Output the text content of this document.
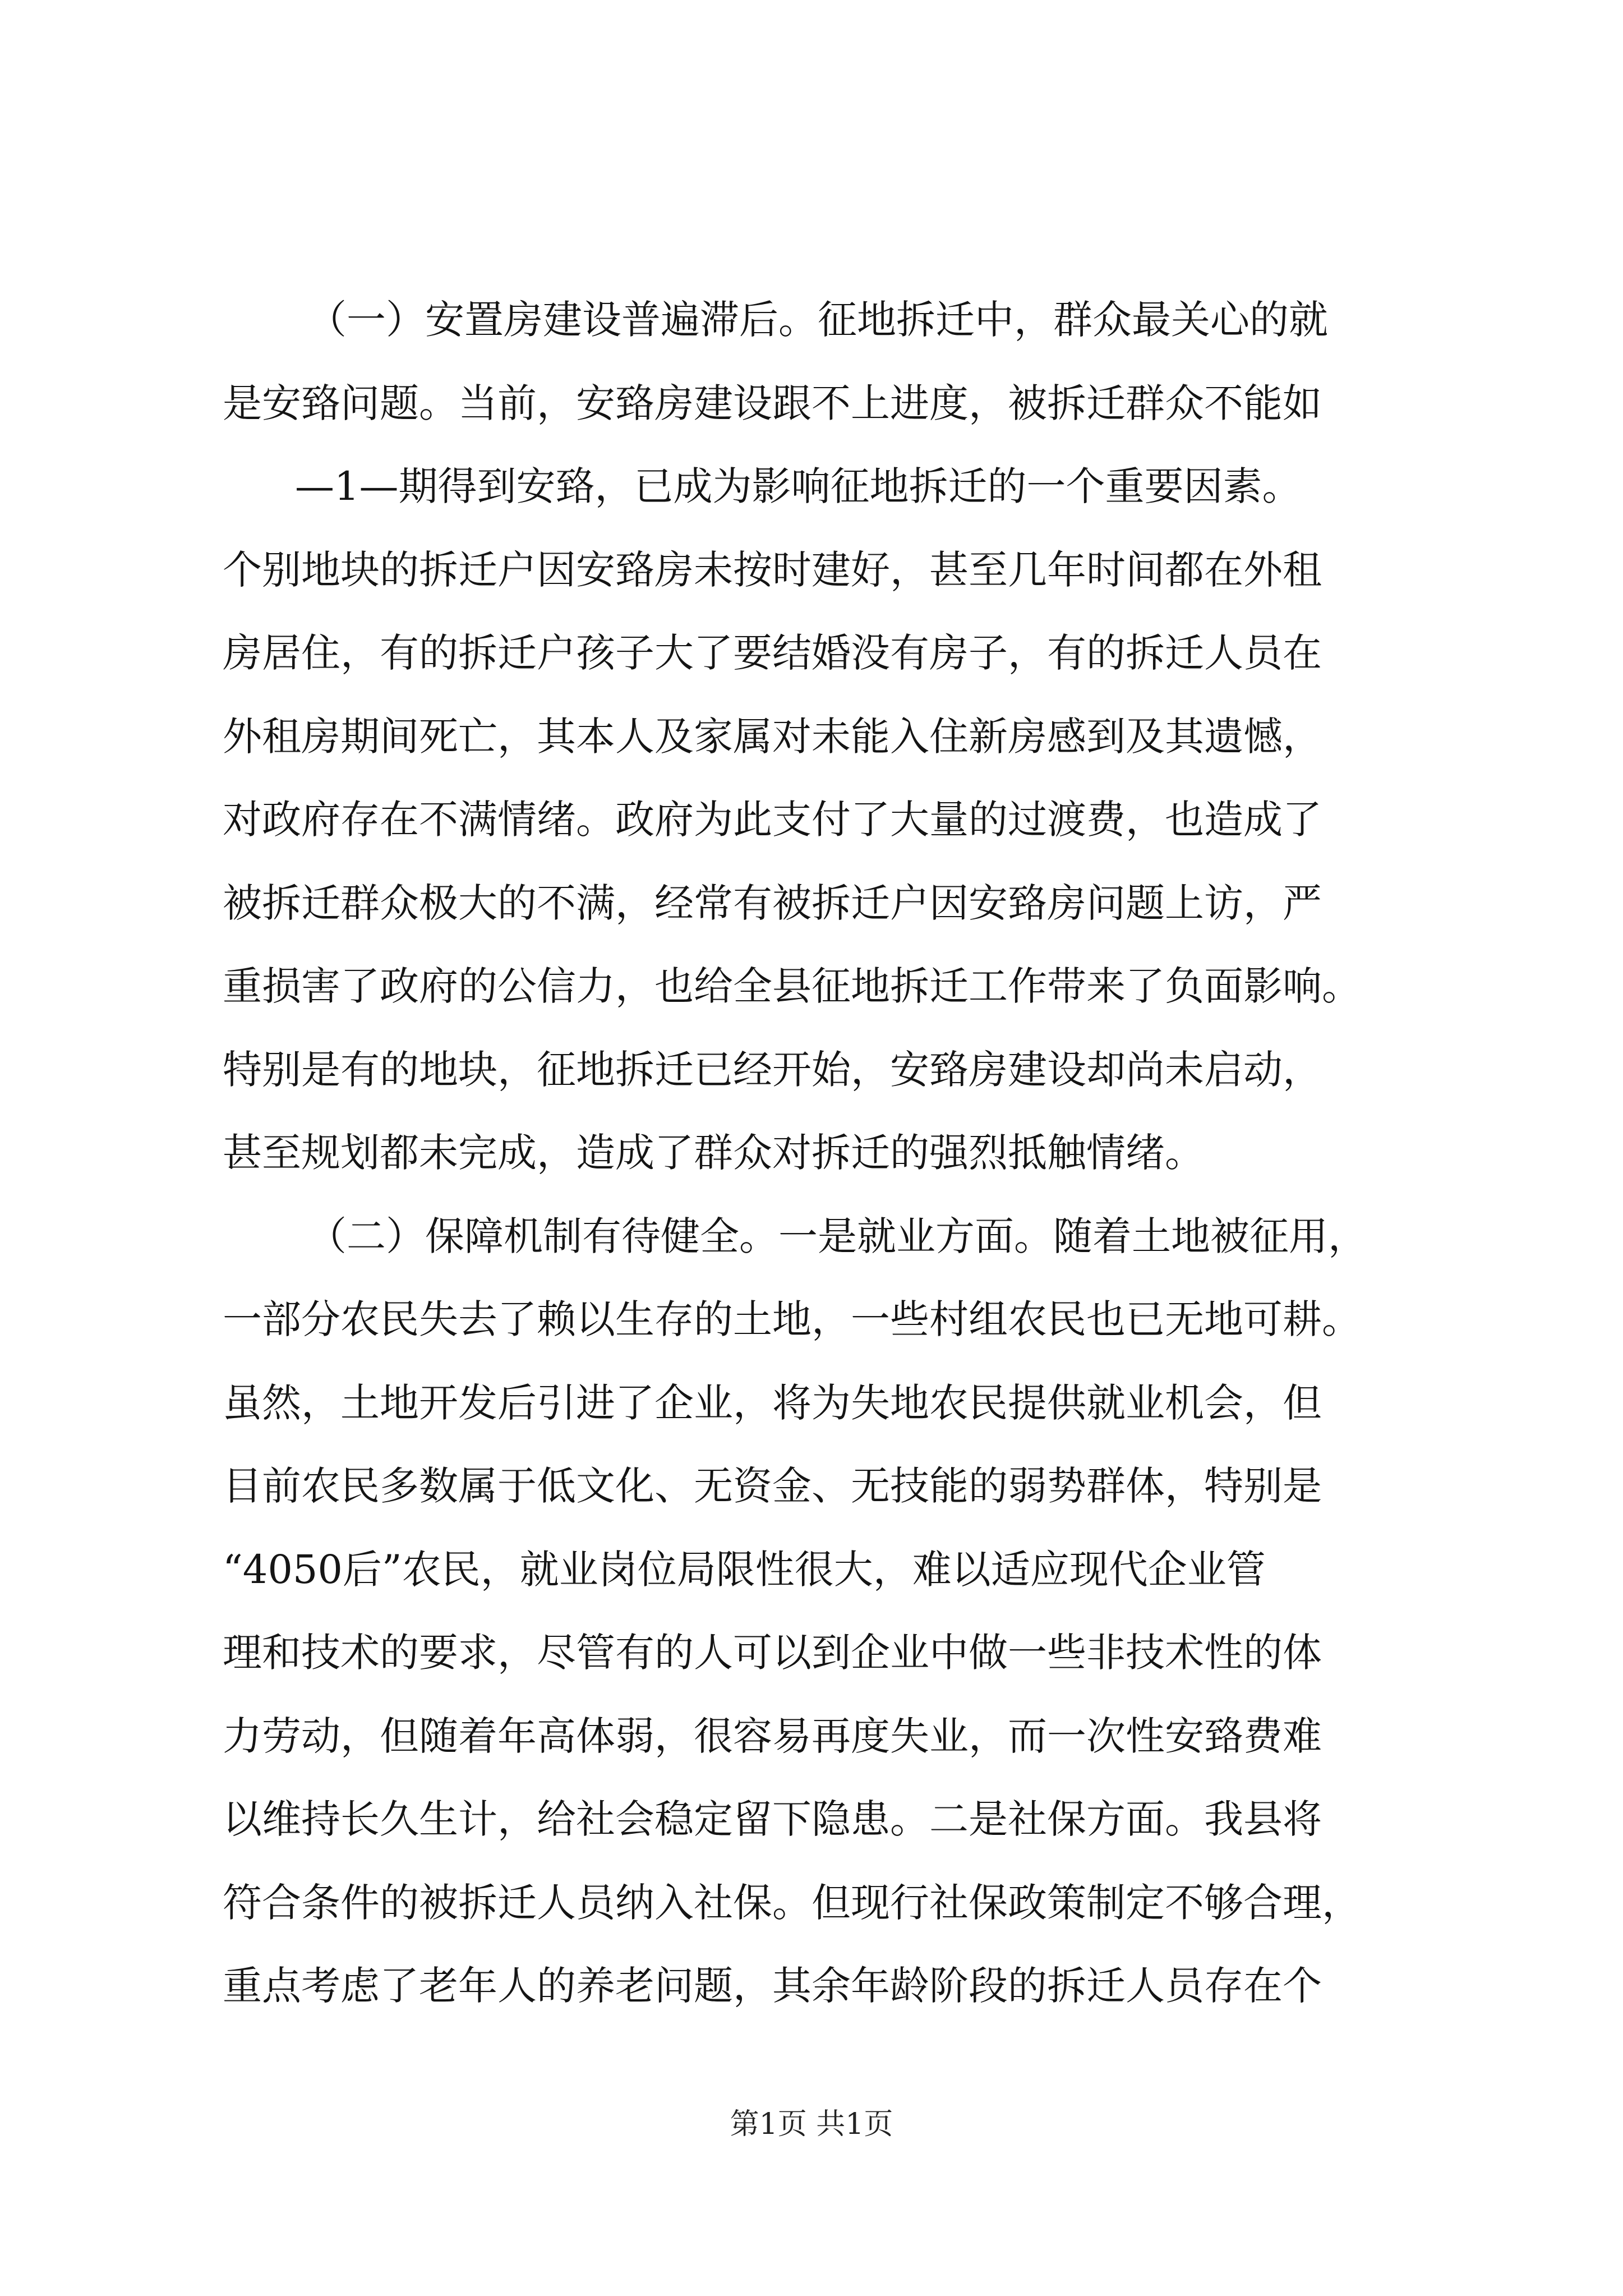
（一）安置房建设普遍滞后。征地拆迁中，群众最关心的就
是安臵问题。当前，安臵房建设跟不上进度，被拆迁群众不能如
—1—期得到安臵，已成为影响征地拆迁的一个重要因素。
个别地块的拆迁户因安臵房未按时建好，甚至几年时间都在外租
房居住，有的拆迁户孩子大了要结婚没有房子，有的拆迁人员在
外租房期间死亡，其本人及家属对未能入住新房感到及其遗憾，
对政府存在不满情绪。政府为此支付了大量的过渡费，也造成了
被拆迁群众极大的不满，经常有被拆迁户因安臵房问题上访，严
重损害了政府的公信力，也给全县征地拆迁工作带来了负面影响。
特别是有的地块，征地拆迁已经开始，安臵房建设却尚未启动，
甚至规划都未完成，造成了群众对拆迁的强烈抵触情绪。
（二）保障机制有待健全。一是就业方面。随着土地被征用，
一部分农民失去了赖以生存的土地，一些村组农民也已无地可耕。
虽然，土地开发后引进了企业，将为失地农民提供就业机会，但
目前农民多数属于低文化、无资金、无技能的弱势群体，特别是
“4050后”农民，就业岗位局限性很大，难以适应现代企业管
理和技术的要求，尽管有的人可以到企业中做一些非技术性的体
力劳动，但随着年高体弱，很容易再度失业，而一次性安臵费难
以维持长久生计，给社会稳定留下隐患。二是社保方面。我县将
符合条件的被拆迁人员纳入社保。但现行社保政策制定不够合理，
第1页 共1页
重点考虑了老年人的养老问题，其余年龄阶段的拆迁人员存在个
